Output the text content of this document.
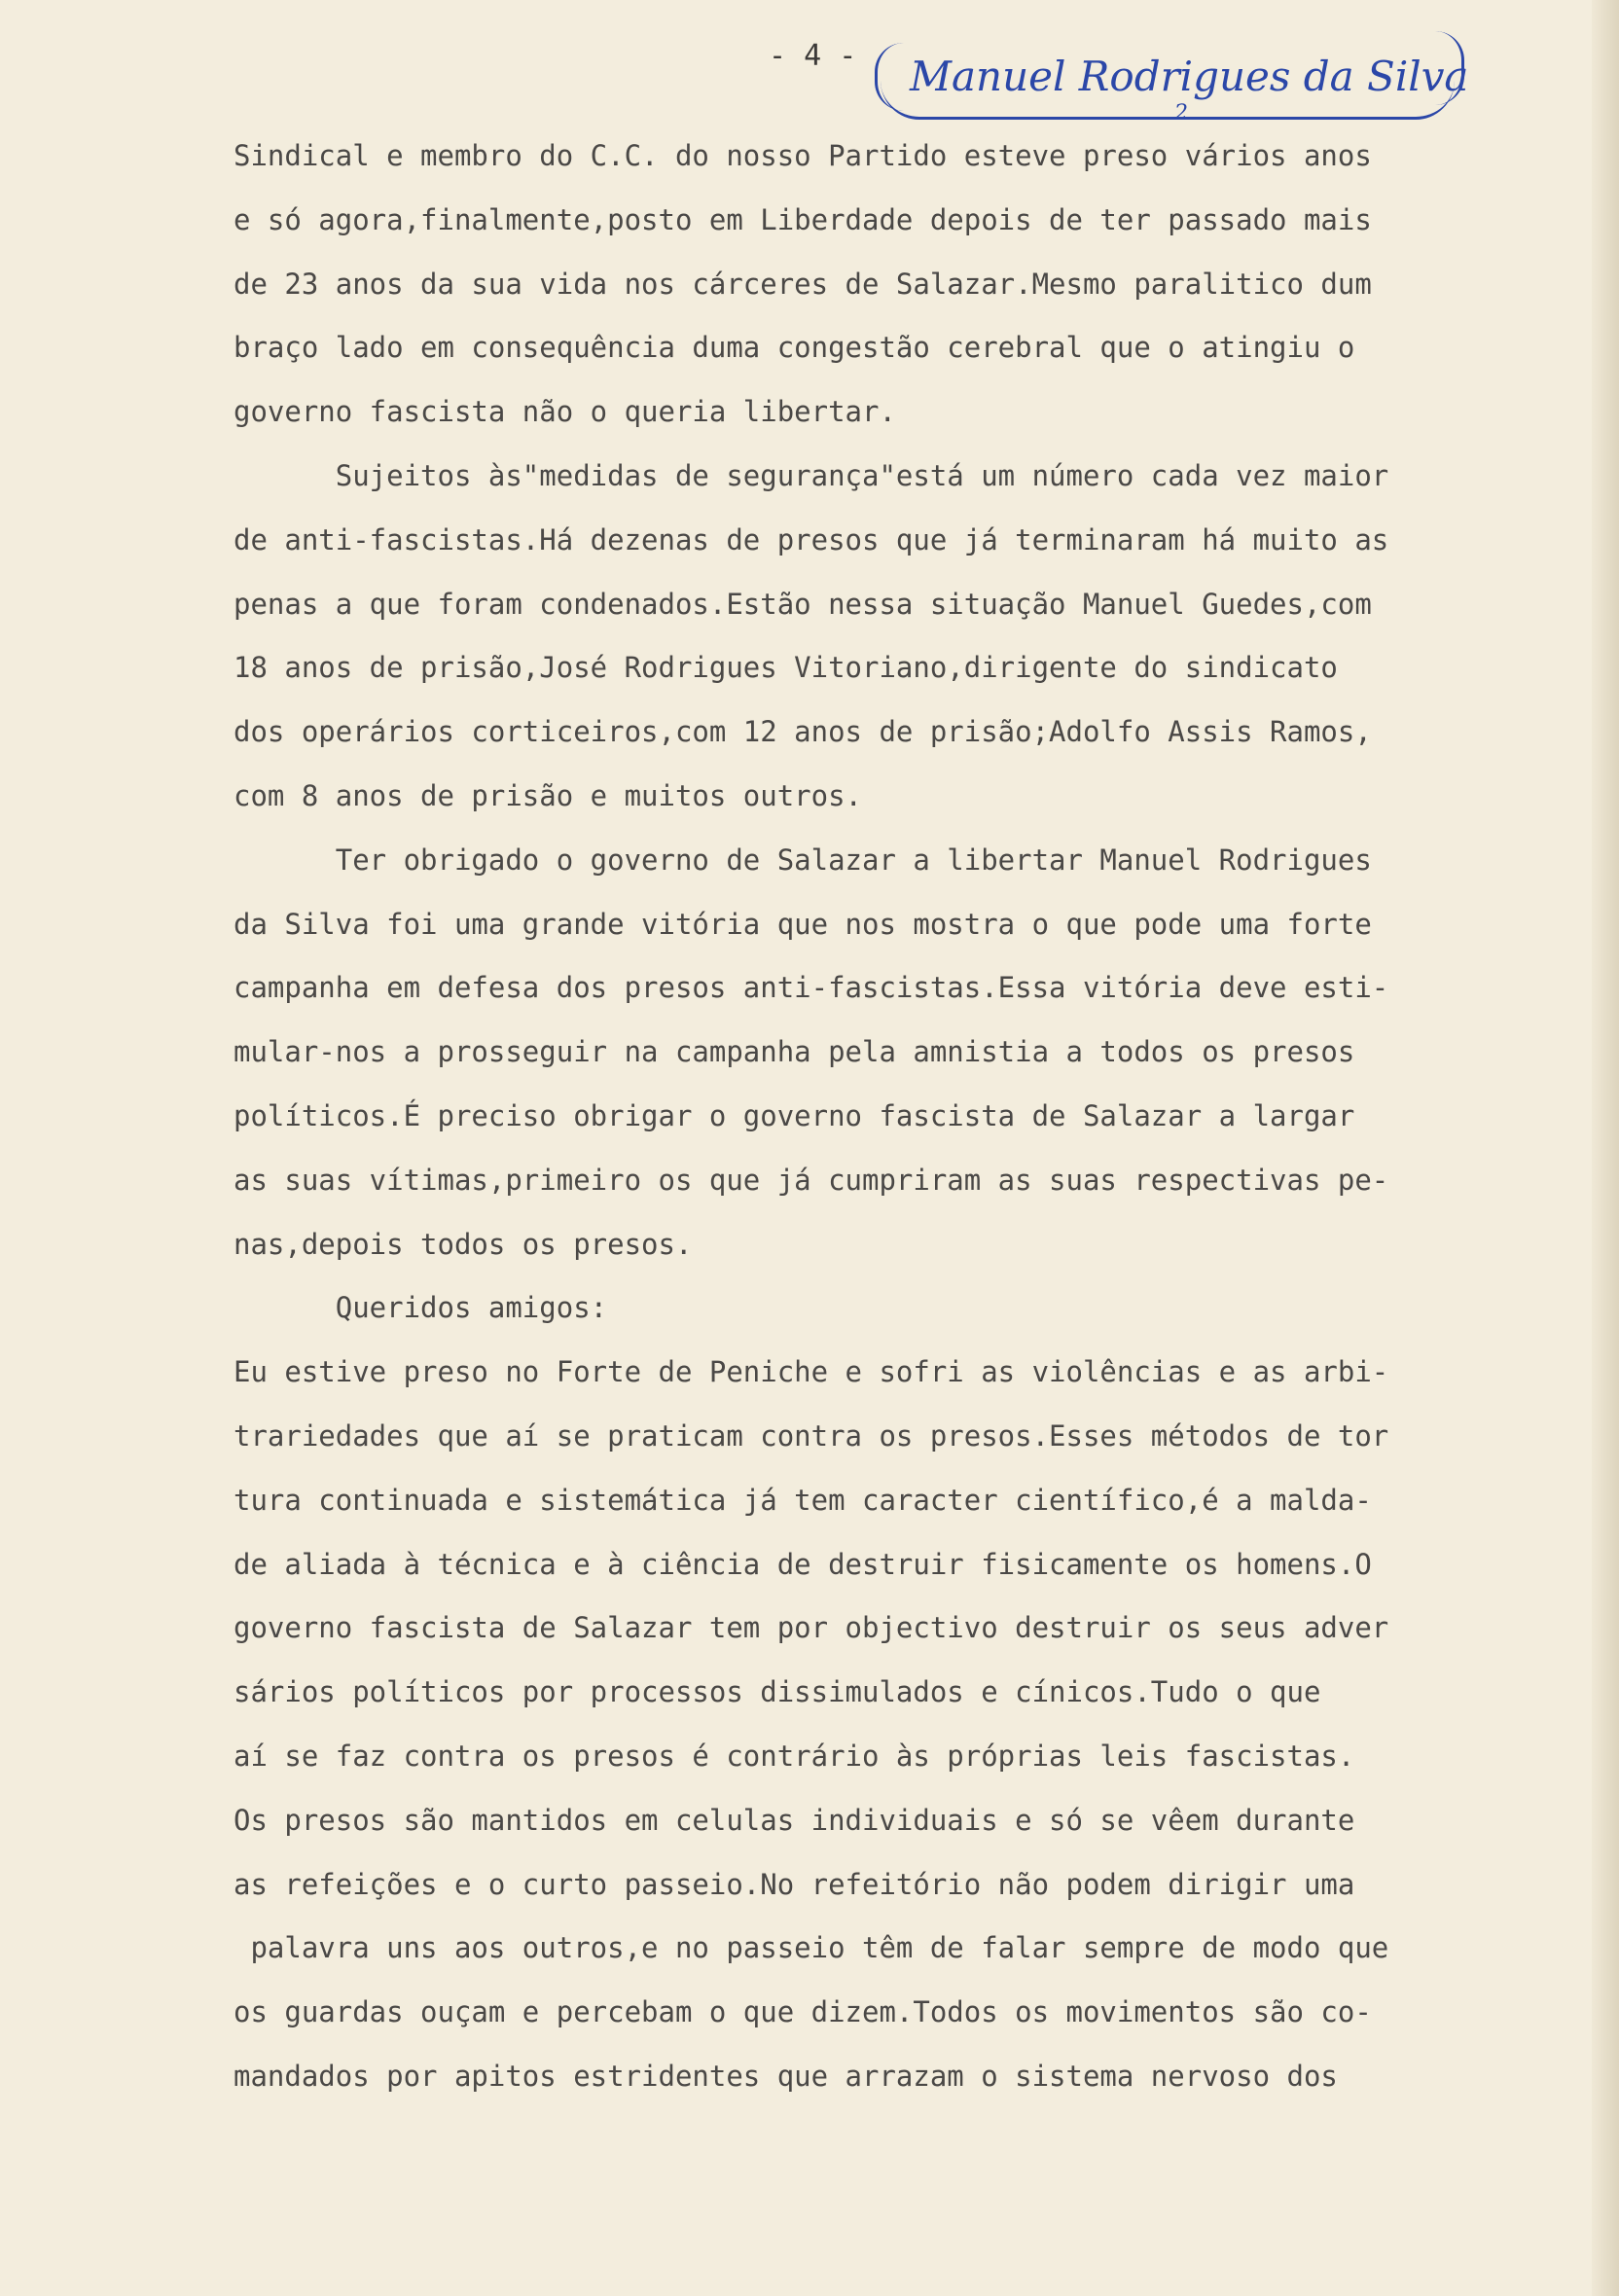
- 4 - Manuel Rodrigues da Silva
2
Sindical e membro do C.C. do nosso Partido esteve preso vários anos
e só agora,finalmente,posto em Liberdade depois de ter passado mais
de 23 anos da sua vida nos cárceres de Salazar.Mesmo paralitico dum
braço lado em consequência duma congestão cerebral que o atingiu o
governo fascista não o queria libertar.
Sujeitos às"medidas de segurança"está um número cada vez maior
de anti-fascistas.Há dezenas de presos que já terminaram há muito as
penas a que foram condenados.Estão nessa situação Manuel Guedes,com
18 anos de prisão,José Rodrigues Vitoriano,dirigente do sindicato
dos operários corticeiros,com 12 anos de prisão;Adolfo Assis Ramos,
com 8 anos de prisão e muitos outros.
Ter obrigado o governo de Salazar a libertar Manuel Rodrigues
da Silva foi uma grande vitória que nos mostra o que pode uma forte
campanha em defesa dos presos anti-fascistas.Essa vitória deve esti-
mular-nos a prosseguir na campanha pela amnistia a todos os presos
políticos.É preciso obrigar o governo fascista de Salazar a largar
as suas vítimas,primeiro os que já cumpriram as suas respectivas pe-
nas,depois todos os presos.
Queridos amigos:
Eu estive preso no Forte de Peniche e sofri as violências e as arbi-
trariedades que aí se praticam contra os presos.Esses métodos de tor
tura continuada e sistemática já tem caracter científico,é a malda-
de aliada à técnica e à ciência de destruir fisicamente os homens.O
governo fascista de Salazar tem por objectivo destruir os seus adver
sários políticos por processos dissimulados e cínicos.Tudo o que
aí se faz contra os presos é contrário às próprias leis fascistas.
Os presos são mantidos em celulas individuais e só se vêem durante
as refeições e o curto passeio.No refeitório não podem dirigir uma
palavra uns aos outros,e no passeio têm de falar sempre de modo que
os guardas ouçam e percebam o que dizem.Todos os movimentos são co-
mandados por apitos estridentes que arrazam o sistema nervoso dos
